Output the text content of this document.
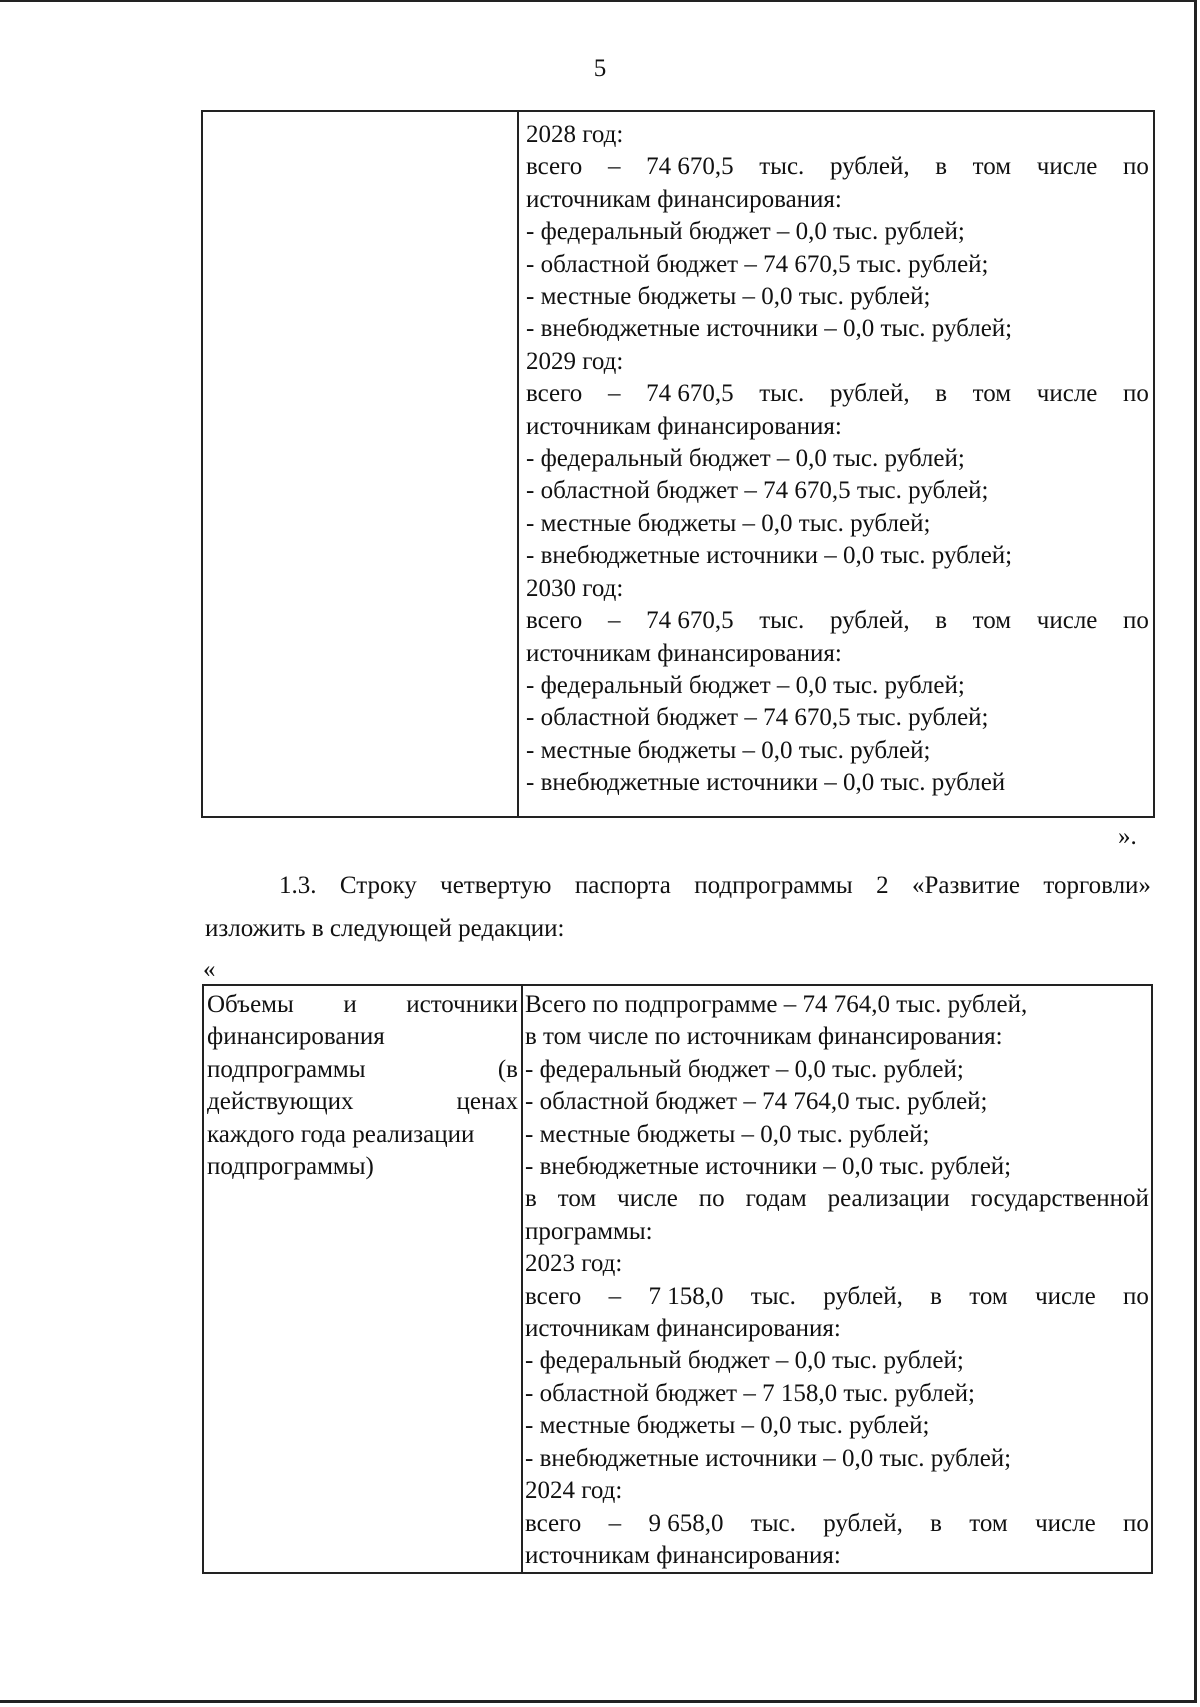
5

2028 год:
всего – 74 670,5 тыс. рублей, в том числе по
источникам финансирования:
- федеральный бюджет – 0,0 тыс. рублей;
- областной бюджет – 74 670,5 тыс. рублей;
- местные бюджеты – 0,0 тыс. рублей;
- внебюджетные источники – 0,0 тыс. рублей;
2029 год:
всего – 74 670,5 тыс. рублей, в том числе по
источникам финансирования:
- федеральный бюджет – 0,0 тыс. рублей;
- областной бюджет – 74 670,5 тыс. рублей;
- местные бюджеты – 0,0 тыс. рублей;
- внебюджетные источники – 0,0 тыс. рублей;
2030 год:
всего – 74 670,5 тыс. рублей, в том числе по
источникам финансирования:
- федеральный бюджет – 0,0 тыс. рублей;
- областной бюджет – 74 670,5 тыс. рублей;
- местные бюджеты – 0,0 тыс. рублей;
- внебюджетные источники – 0,0 тыс. рублей
».
1.3. Строку четвертую паспорта подпрограммы 2 «Развитие торговли»
изложить в следующей редакции:
«
Объемы и источники
финансирования
подпрограммы	(в
действующих	ценах
каждого года реализации
подпрограммы)

Всего по подпрограмме – 74 764,0 тыс. рублей,
в том числе по источникам финансирования:
- федеральный бюджет – 0,0 тыс. рублей;
- областной бюджет – 74 764,0 тыс. рублей;
- местные бюджеты – 0,0 тыс. рублей;
- внебюджетные источники – 0,0 тыс. рублей;
в том числе по годам реализации государственной
программы:
2023 год:
всего – 7 158,0 тыс. рублей, в том числе по
источникам финансирования:
- федеральный бюджет – 0,0 тыс. рублей;
- областной бюджет – 7 158,0 тыс. рублей;
- местные бюджеты – 0,0 тыс. рублей;
- внебюджетные источники – 0,0 тыс. рублей;
2024 год:
всего – 9 658,0 тыс. рублей, в том числе по
источникам финансирования:
